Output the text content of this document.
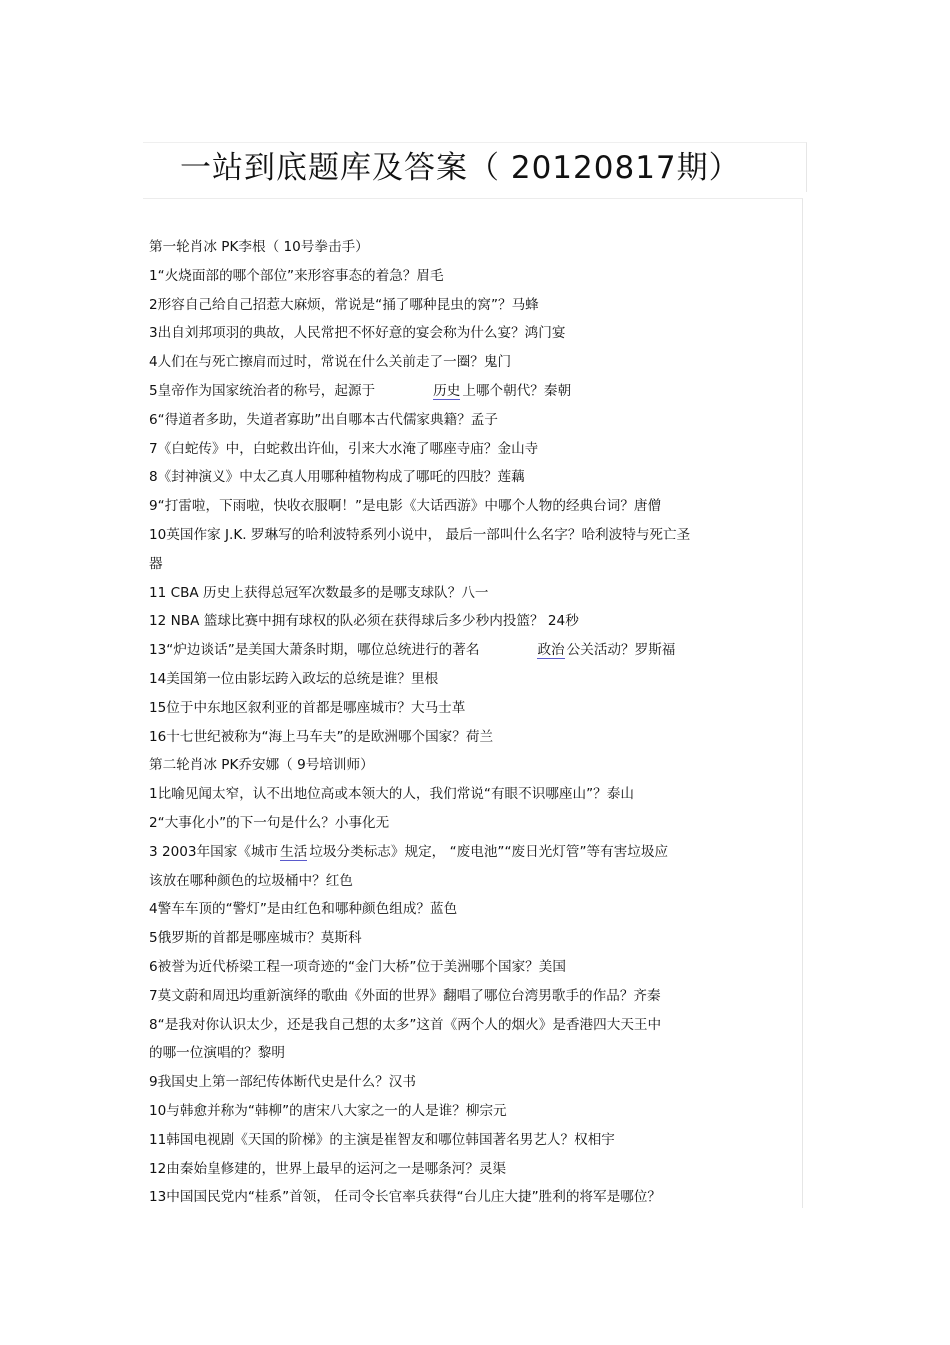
一站到底题库及答案（ 20120817期）
第一轮肖冰 PK李根（ 10号拳击手）
1“火烧面部的哪个部位”来形容事态的着急？眉毛
2形容自己给自己招惹大麻烦，常说是“捅了哪种昆虫的窝”？马蜂
3出自刘邦项羽的典故，人民常把不怀好意的宴会称为什么宴？鸿门宴
4人们在与死亡擦肩而过时，常说在什么关前走了一圈？鬼门
5皇帝作为国家统治者的称号，起源于	历史 上哪个朝代？秦朝
6“得道者多助，失道者寡助”出自哪本古代儒家典籍？孟子
7《白蛇传》中，白蛇救出许仙，引来大水淹了哪座寺庙？金山寺
8《封神演义》中太乙真人用哪种植物构成了哪吒的四肢？莲藕
9“打雷啦，下雨啦，快收衣服啊！”是电影《大话西游》中哪个人物的经典台词？唐僧
10英国作家 J.K. 罗琳写的哈利波特系列小说中， 最后一部叫什么名字？哈利波特与死亡圣
器
11 CBA 历史上获得总冠军次数最多的是哪支球队？八一
12 NBA 篮球比赛中拥有球权的队必须在获得球后多少秒内投篮？ 24秒
13“炉边谈话”是美国大萧条时期，哪位总统进行的著名	政治 公关活动？罗斯福
14美国第一位由影坛跨入政坛的总统是谁？里根
15位于中东地区叙利亚的首都是哪座城市？大马士革
16十七世纪被称为“海上马车夫”的是欧洲哪个国家？荷兰
第二轮肖冰 PK乔安娜（ 9号培训师）
1比喻见闻太窄，认不出地位高或本领大的人，我们常说“有眼不识哪座山”？泰山
2“大事化小”的下一句是什么？小事化无
3 2003年国家《城市 生活 垃圾分类标志》规定， “废电池”“废日光灯管”等有害垃圾应
该放在哪种颜色的垃圾桶中？红色
4警车车顶的“警灯”是由红色和哪种颜色组成？蓝色
5俄罗斯的首都是哪座城市？莫斯科
6被誉为近代桥梁工程一项奇迹的“金门大桥”位于美洲哪个国家？美国
7莫文蔚和周迅均重新演绎的歌曲《外面的世界》翻唱了哪位台湾男歌手的作品？齐秦
8“是我对你认识太少，还是我自己想的太多”这首《两个人的烟火》是香港四大天王中
的哪一位演唱的？黎明
9我国史上第一部纪传体断代史是什么？汉书
10与韩愈并称为“韩柳”的唐宋八大家之一的人是谁？柳宗元
11韩国电视剧《天国的阶梯》的主演是崔智友和哪位韩国著名男艺人？权相宇
12由秦始皇修建的，世界上最早的运河之一是哪条河？灵渠
13中国国民党内“桂系”首领， 任司令长官率兵获得“台儿庄大捷”胜利的将军是哪位？
